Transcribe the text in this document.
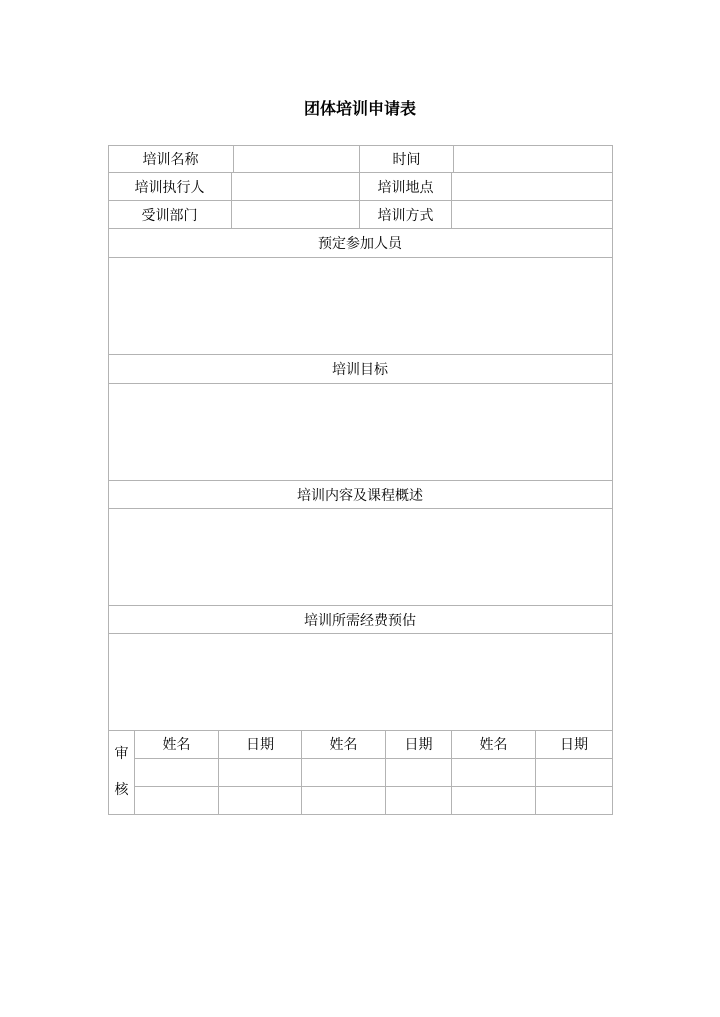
团体培训申请表
培训名称	时间
培训执行人	培训地点
受训部门	培训方式
预定参加人员
培训目标
培训内容及课程概述
培训所需经费预估
审
核
姓名	日期	姓名	日期	姓名	日期
